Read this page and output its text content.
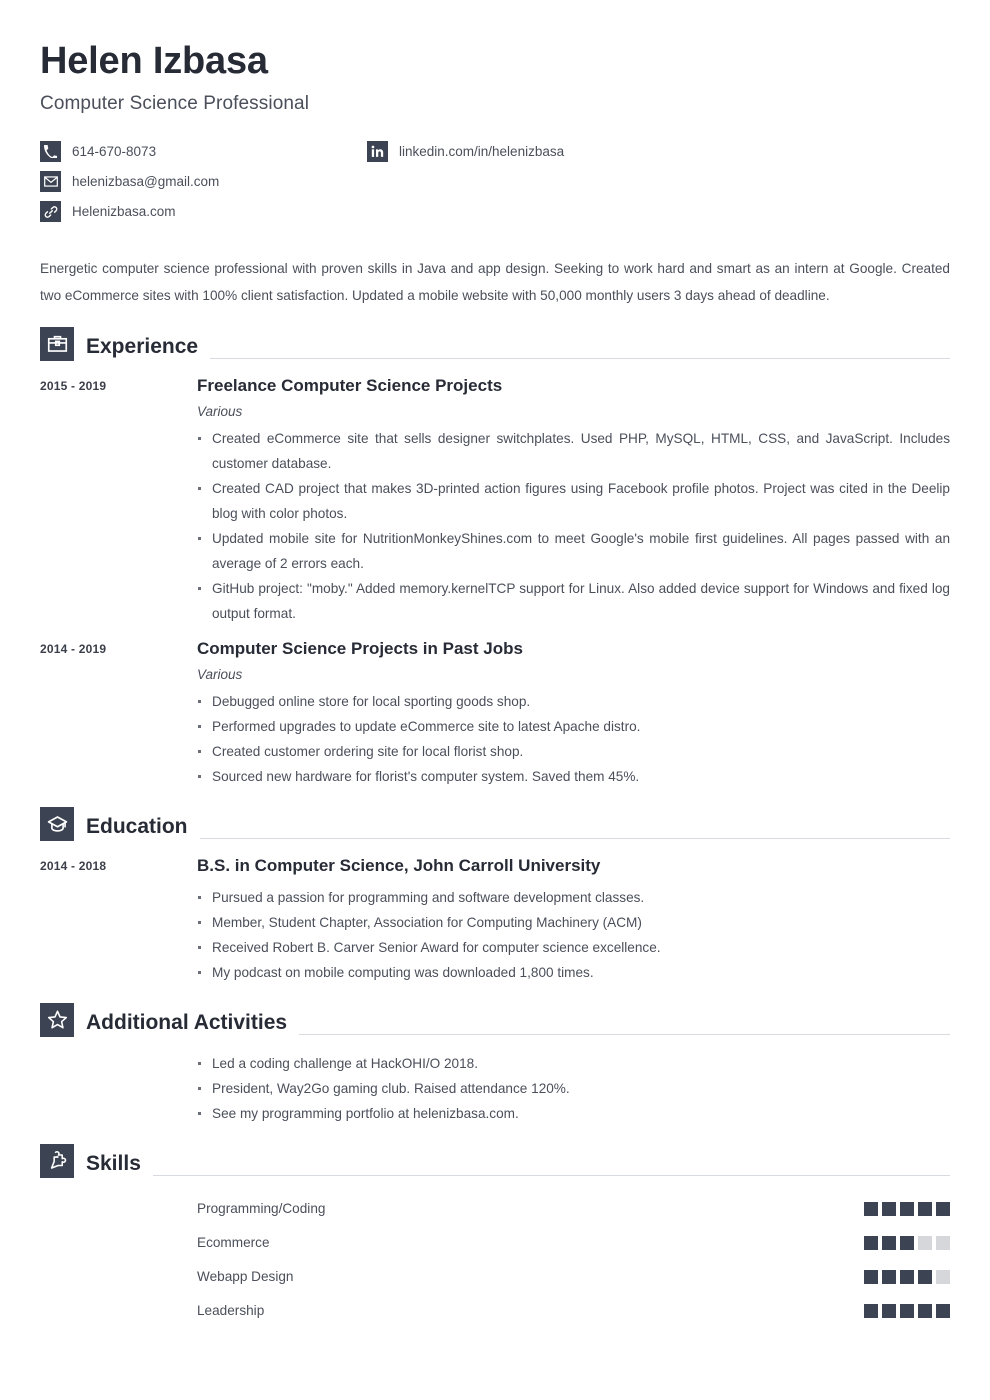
Helen Izbasa
Computer Science Professional
614-670-8073
helenizbasa@gmail.com
Helenizbasa.com
linkedin.com/in/helenizbasa

Energetic computer science professional with proven skills in Java and app design. Seeking to work hard and smart as an intern at Google. Created two eCommerce sites with 100% client satisfaction. Updated a mobile website with 50,000 monthly users 3 days ahead of deadline.

Experience
2015 - 2019	Freelance Computer Science Projects
Various
Created eCommerce site that sells designer switchplates. Used PHP, MySQL, HTML, CSS, and JavaScript. Includes customer database.
Created CAD project that makes 3D-printed action figures using Facebook profile photos. Project was cited in the Deelip blog with color photos.
Updated mobile site for NutritionMonkeyShines.com to meet Google's mobile first guidelines. All pages passed with an average of 2 errors each.
GitHub project: "moby." Added memory.kernelTCP support for Linux. Also added device support for Windows and fixed log output format.
2014 - 2019	Computer Science Projects in Past Jobs
Various
Debugged online store for local sporting goods shop.
Performed upgrades to update eCommerce site to latest Apache distro.
Created customer ordering site for local florist shop.
Sourced new hardware for florist's computer system. Saved them 45%.
Education
2014 - 2018	B.S. in Computer Science, John Carroll University
Pursued a passion for programming and software development classes.
Member, Student Chapter, Association for Computing Machinery (ACM)
Received Robert B. Carver Senior Award for computer science excellence.
My podcast on mobile computing was downloaded 1,800 times.
Additional Activities
Led a coding challenge at HackOHI/O 2018.
President, Way2Go gaming club. Raised attendance 120%.
See my programming portfolio at helenizbasa.com.
Skills
Programming/Coding
Ecommerce
Webapp Design
Leadership
